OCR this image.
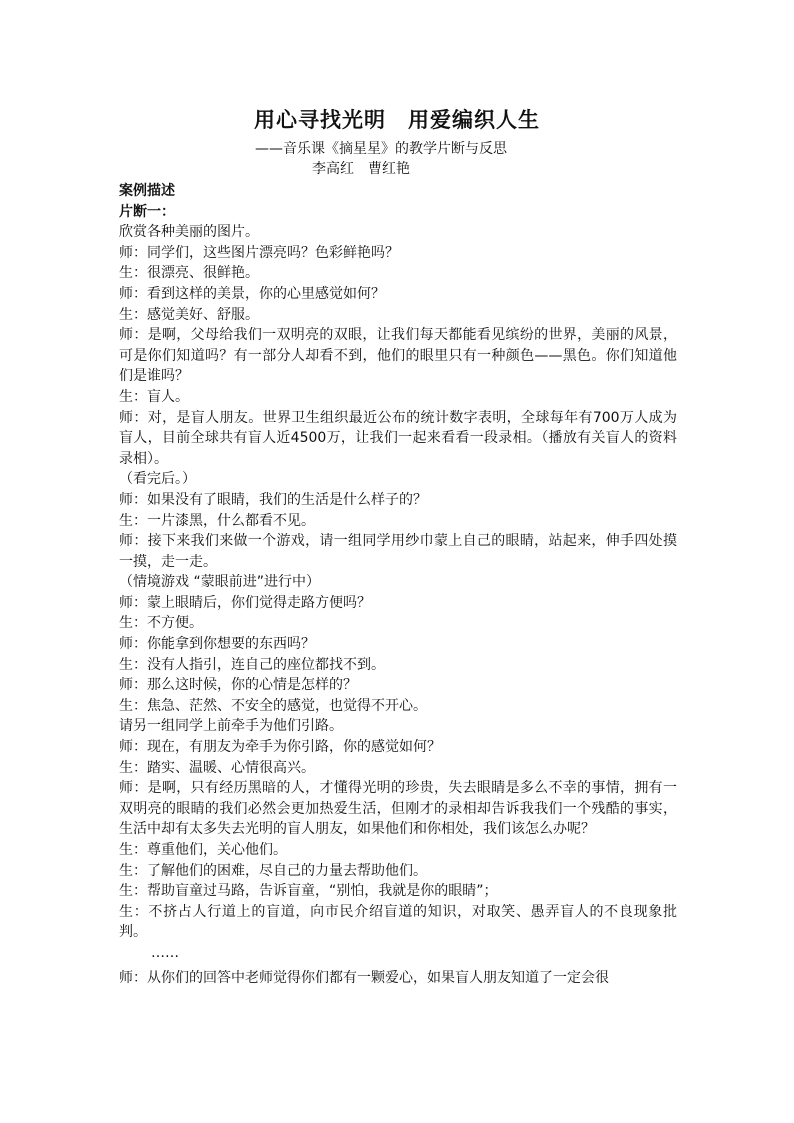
用心寻找光明　用爱编织人生
——音乐课《摘星星》的教学片断与反思
李高红　曹红艳

案例描述

片断一：

欣赏各种美丽的图片。

师：同学们，这些图片漂亮吗？色彩鲜艳吗？

生：很漂亮、很鲜艳。

师：看到这样的美景，你的心里感觉如何？

生：感觉美好、舒服。

师：是啊，父母给我们一双明亮的双眼，让我们每天都能看见缤纷的世界，美丽的风景，可是你们知道吗？有一部分人却看不到，他们的眼里只有一种颜色——黑色。你们知道他们是谁吗？

生：盲人。

师：对，是盲人朋友。世界卫生组织最近公布的统计数字表明，全球每年有700万人成为盲人，目前全球共有盲人近4500万，让我们一起来看看一段录相。（播放有关盲人的资料录相）。

（看完后。）

师：如果没有了眼睛，我们的生活是什么样子的？

生：一片漆黑，什么都看不见。

师：接下来我们来做一个游戏，请一组同学用纱巾蒙上自己的眼睛，站起来，伸手四处摸一摸，走一走。

（情境游戏 “蒙眼前进”进行中）

师：蒙上眼睛后，你们觉得走路方便吗？

生：不方便。

师：你能拿到你想要的东西吗？

生：没有人指引，连自己的座位都找不到。

师：那么这时候，你的心情是怎样的？

生：焦急、茫然、不安全的感觉，也觉得不开心。

请另一组同学上前牵手为他们引路。

师：现在，有朋友为牵手为你引路，你的感觉如何？

生：踏实、温暖、心情很高兴。

师：是啊，只有经历黑暗的人，才懂得光明的珍贵，失去眼睛是多么不幸的事情，拥有一双明亮的眼睛的我们必然会更加热爱生活，但刚才的录相却告诉我我们一个残酷的事实，生活中却有太多失去光明的盲人朋友，如果他们和你相处，我们该怎么办呢？

生：尊重他们，关心他们。

生：了解他们的困难，尽自己的力量去帮助他们。

生：帮助盲童过马路，告诉盲童，“别怕，我就是你的眼睛”；

生：不挤占人行道上的盲道，向市民介绍盲道的知识，对取笑、愚弄盲人的不良现象批判。

……

师：从你们的回答中老师觉得你们都有一颗爱心，如果盲人朋友知道了一定会很
